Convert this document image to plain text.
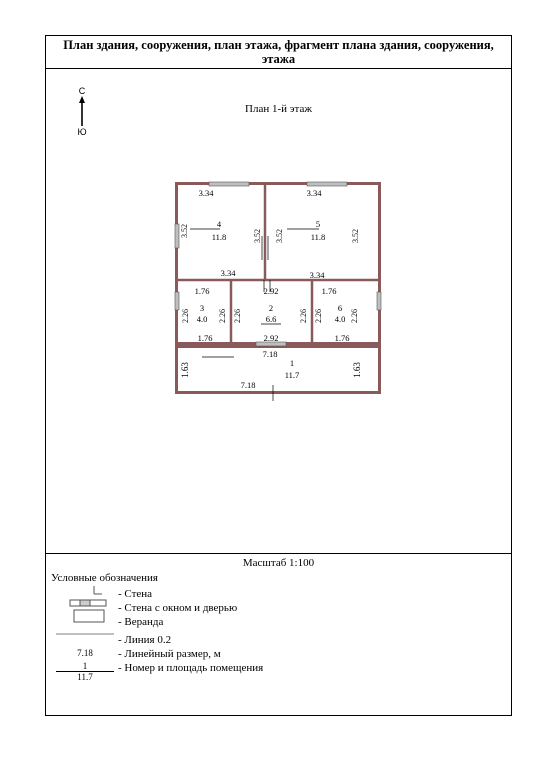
План здания, сооружения, план этажа, фрагмент плана здания, сооружения,
этажа
С
Ю
План 1-й этаж
4
11.8
5
11.8
3
4.0
2
6.6
6
4.0
1
11.7
3.34	3.34
3.34	3.34
1.76	2.92	1.76
1.76	2.92	1.76
7.18
7.18
3.52	3.52 3.52	3.52
2.26	2.26 2.26	2.26 2.26	2.26
1.63	1.63
Масштаб 1:100
Условные обозначения
7.18
1
11.7
- Стена
- Стена с окном и дверью
- Веранда
- Линия 0.2
- Линейный размер, м
- Номер и площадь помещения
